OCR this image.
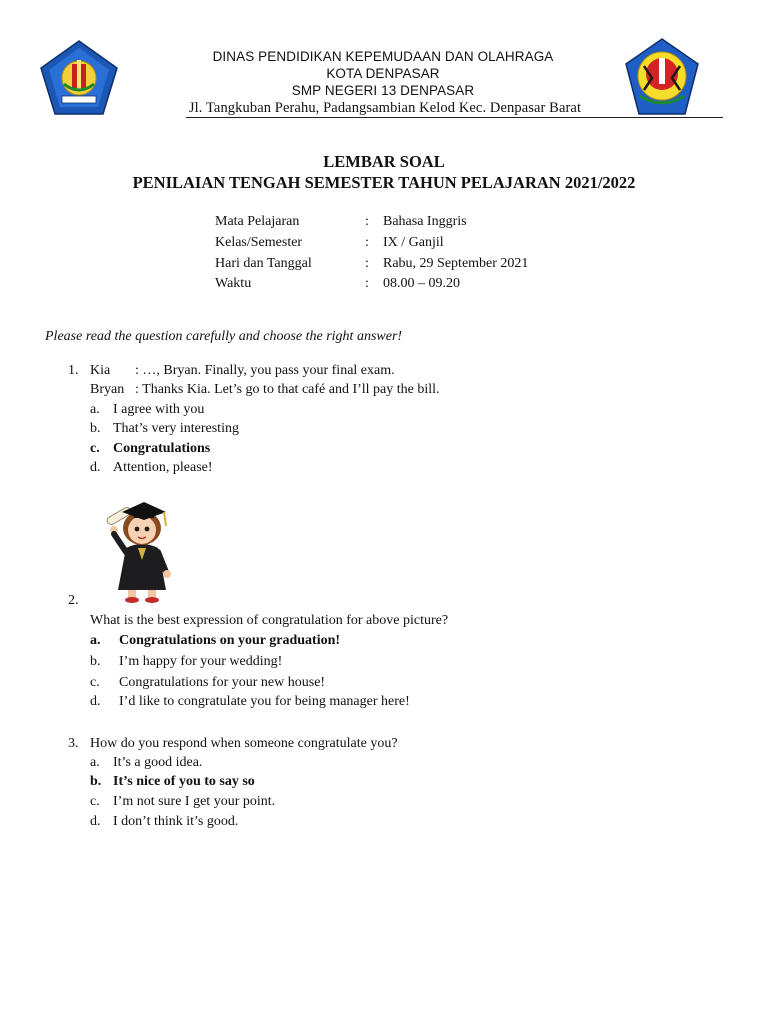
DINAS PENDIDIKAN KEPEMUDAAN DAN OLAHRAGA
KOTA DENPASAR
SMP NEGERI 13 DENPASAR
Jl. Tangkuban Perahu, Padangsambian Kelod Kec. Denpasar Barat
LEMBAR SOAL
PENILAIAN TENGAH SEMESTER TAHUN PELAJARAN 2021/2022
Mata Pelajaran	: Bahasa Inggris
Kelas/Semester	: IX / Ganjil
Hari dan Tanggal	: Rabu, 29 September 2021
Waktu	: 08.00 – 09.20
Please read the question carefully and choose the right answer!
1. Kia : …, Bryan. Finally, you pass your final exam.
Bryan : Thanks Kia. Let’s go to that café and I’ll pay the bill.
a. I agree with you
b. That’s very interesting
c. Congratulations
d. Attention, please!
2.
What is the best expression of congratulation for above picture?
a. Congratulations on your graduation!
b. I’m happy for your wedding!
c. Congratulations for your new house!
d. I’d like to congratulate you for being manager here!
3. How do you respond when someone congratulate you?
a. It’s a good idea.
b. It’s nice of you to say so
c. I’m not sure I get your point.
d. I don’t think it’s good.
